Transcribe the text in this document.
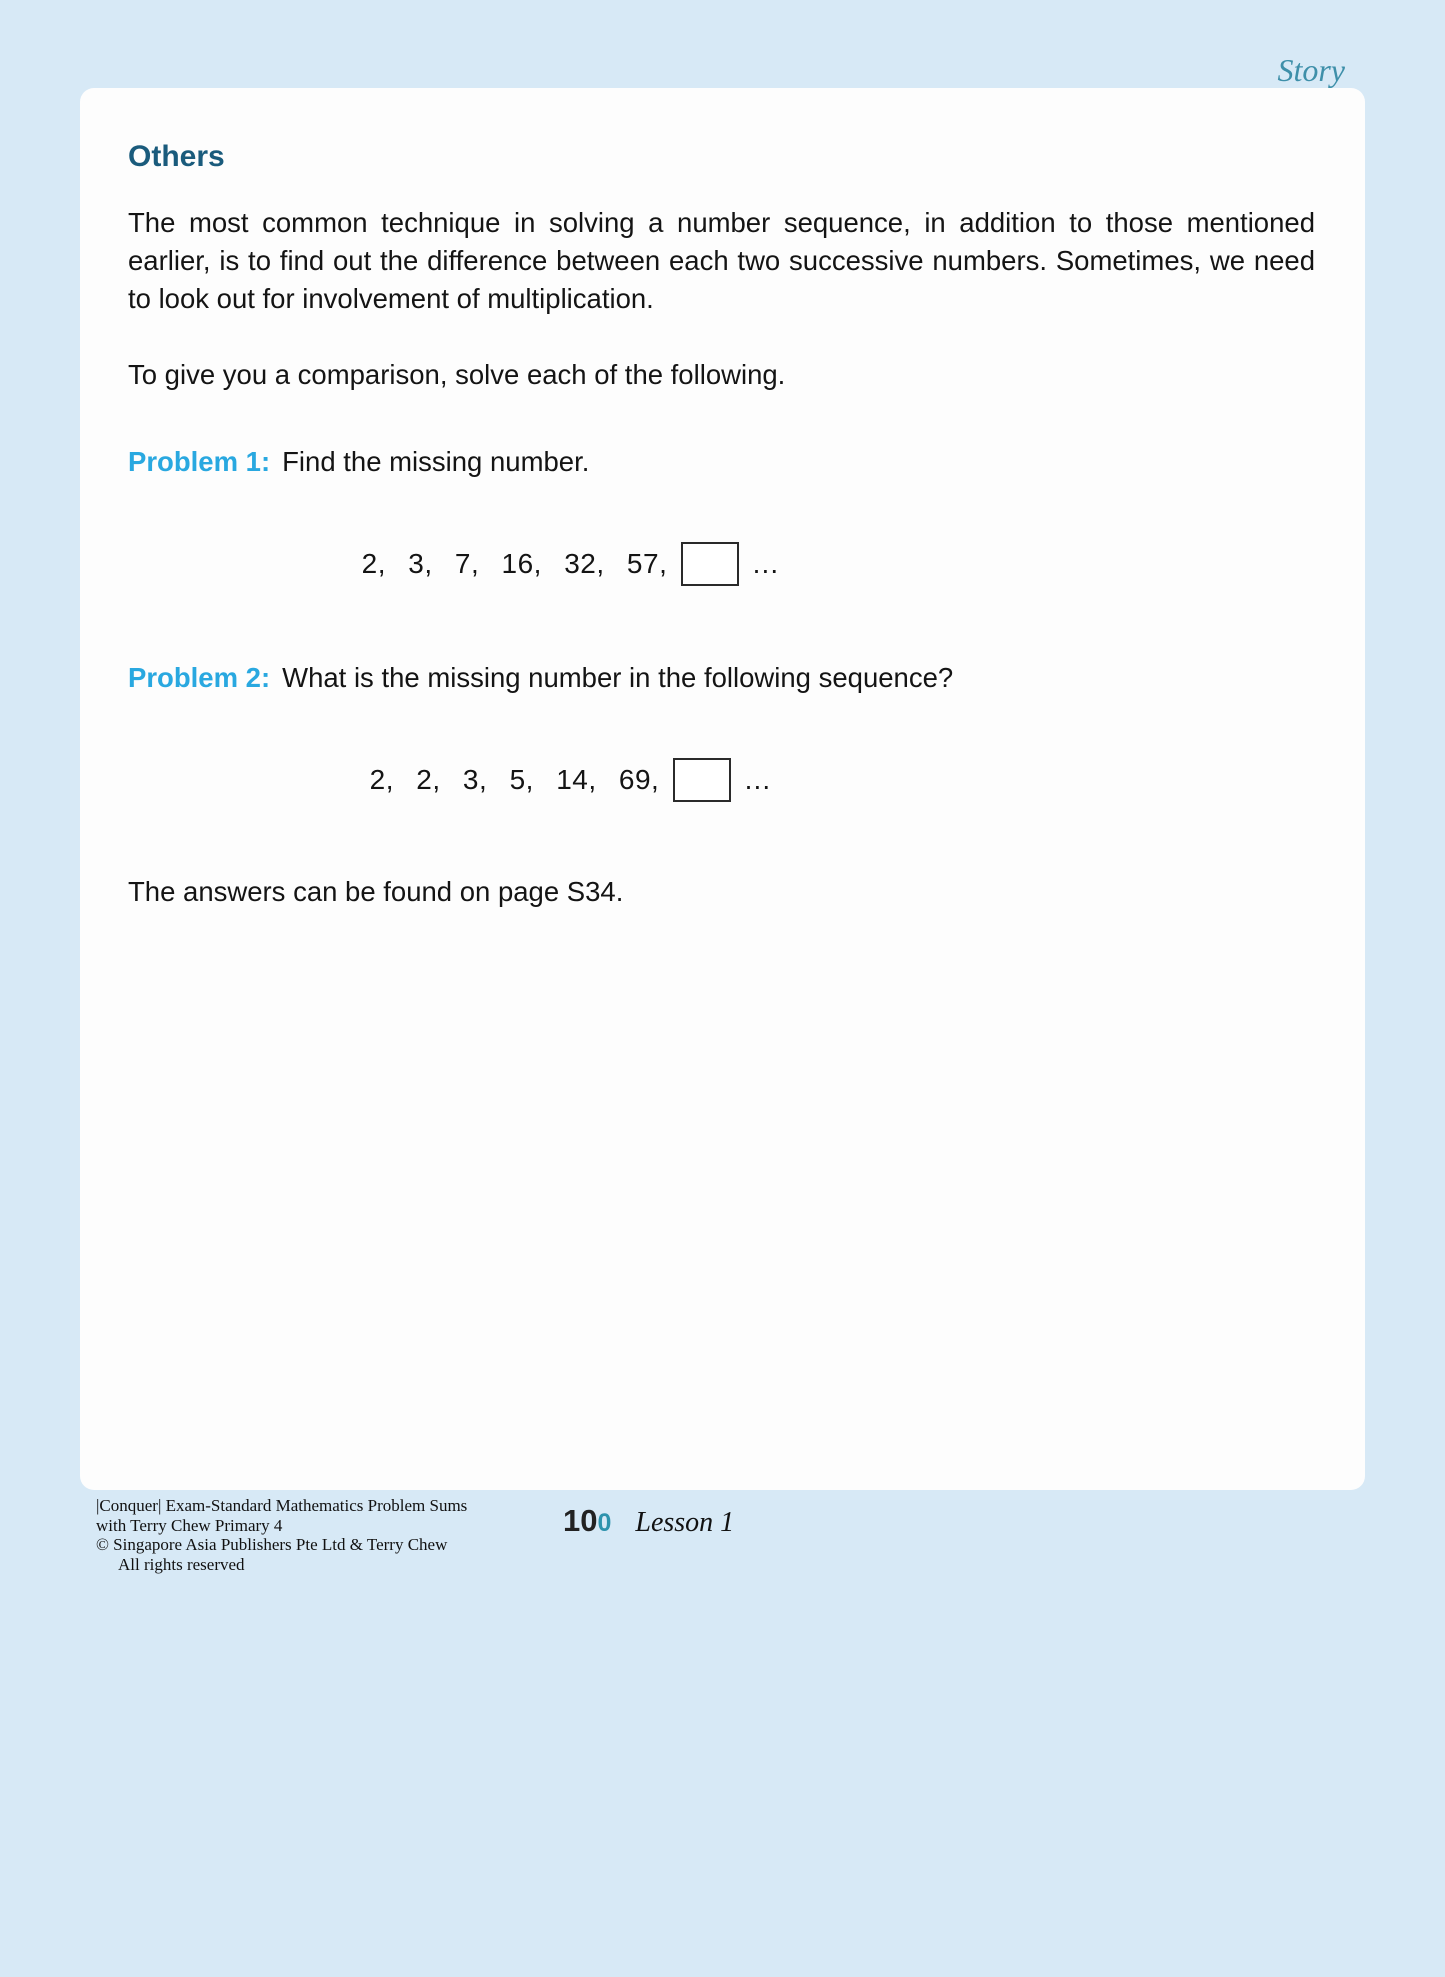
Story
Others

The most common technique in solving a number sequence, in addition to those mentioned earlier, is to find out the difference between each two successive numbers. Sometimes, we need to look out for involvement of multiplication.

To give you a comparison, solve each of the following.

Problem 1: Find the missing number.

2, 3, 7, 16, 32, 57,	…

Problem 2: What is the missing number in the following sequence?

2, 2, 3, 5, 14, 69,	…

The answers can be found on page S34.

|Conquer| Exam-Standard Mathematics Problem Sums
with Terry Chew Primary 4
© Singapore Asia Publishers Pte Ltd & Terry Chew
All rights reserved
100 Lesson 1
